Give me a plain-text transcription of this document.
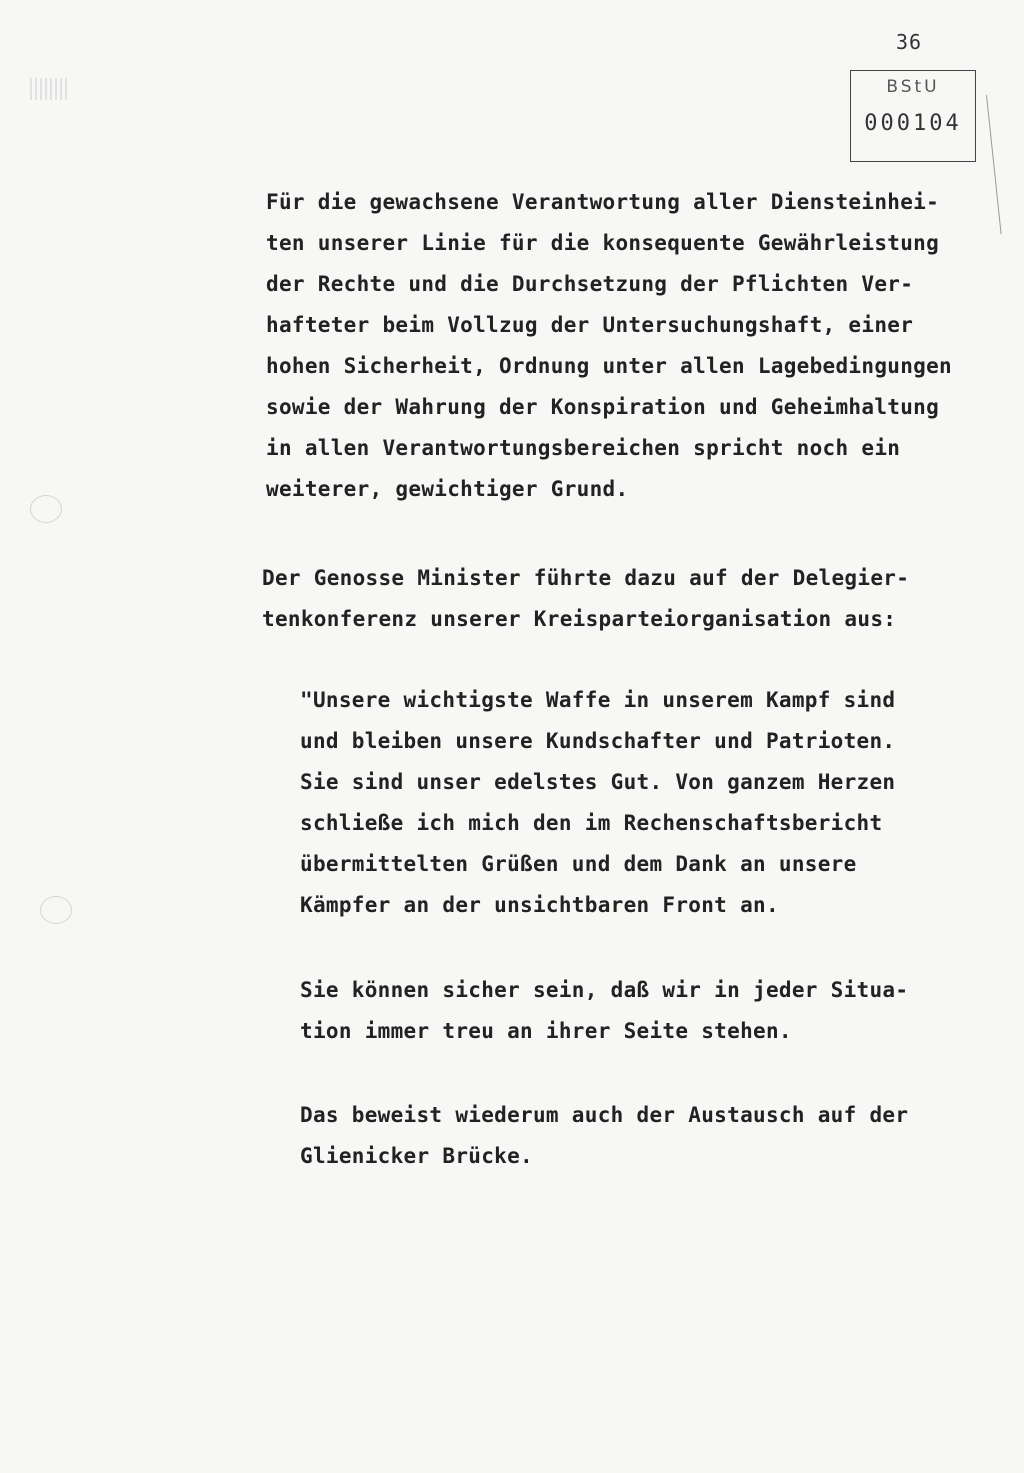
36
BStU
000104
Für die gewachsene Verantwortung aller Diensteinhei-
ten unserer Linie für die konsequente Gewährleistung
der Rechte und die Durchsetzung der Pflichten Ver-
hafteter beim Vollzug der Untersuchungshaft, einer
hohen Sicherheit, Ordnung unter allen Lagebedingungen
sowie der Wahrung der Konspiration und Geheimhaltung
in allen Verantwortungsbereichen spricht noch ein
weiterer, gewichtiger Grund.
Der Genosse Minister führte dazu auf der Delegier-
tenkonferenz unserer Kreisparteiorganisation aus:
"Unsere wichtigste Waffe in unserem Kampf sind
und bleiben unsere Kundschafter und Patrioten.
Sie sind unser edelstes Gut. Von ganzem Herzen
schließe ich mich den im Rechenschaftsbericht
übermittelten Grüßen und dem Dank an unsere
Kämpfer an der unsichtbaren Front an.
Sie können sicher sein, daß wir in jeder Situa-
tion immer treu an ihrer Seite stehen.
Das beweist wiederum auch der Austausch auf der
Glienicker Brücke.
